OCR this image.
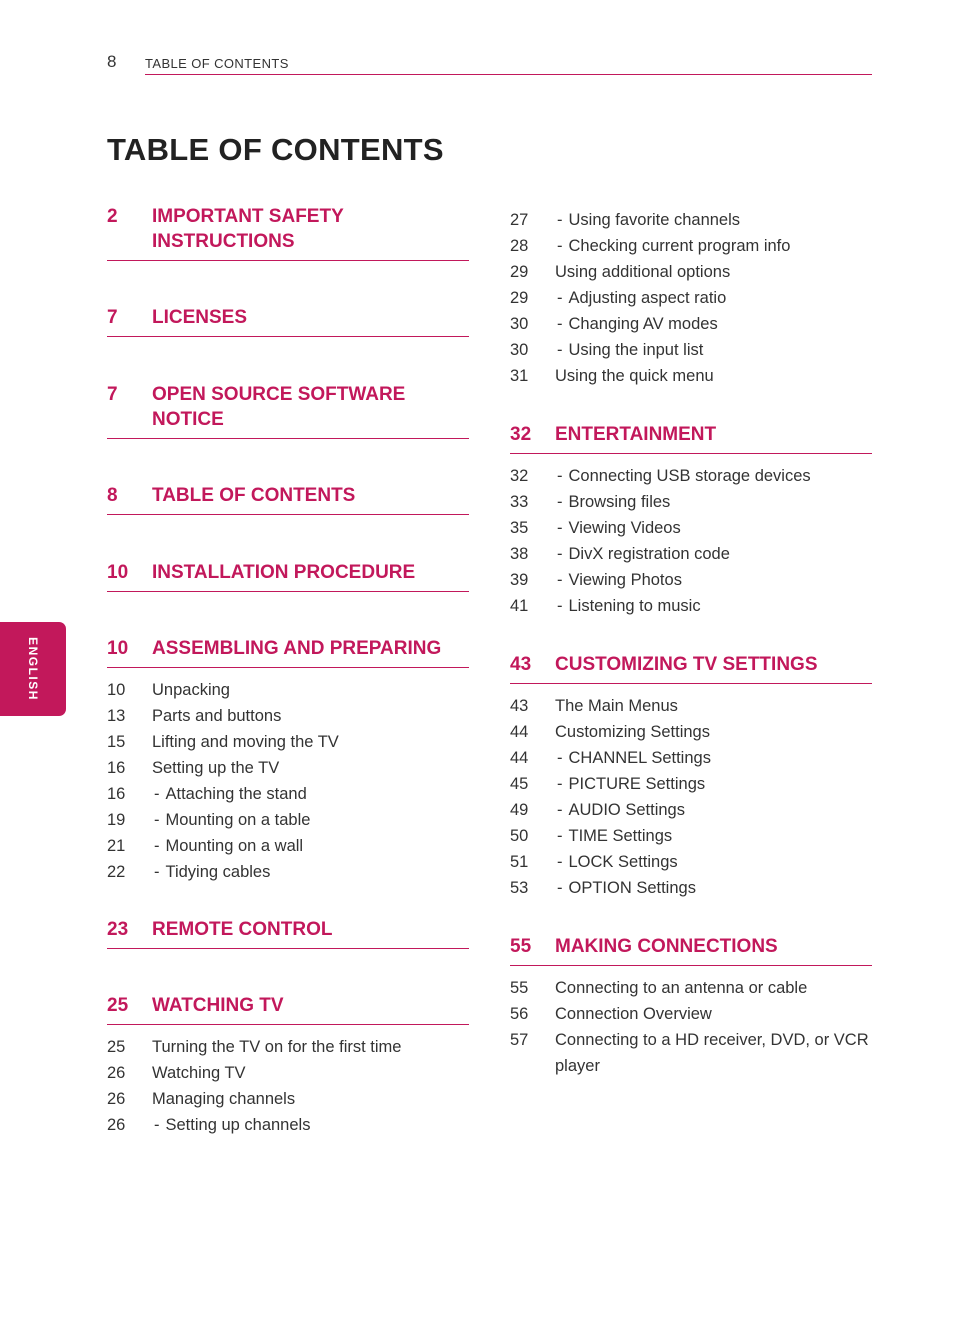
8 TABLE OF CONTENTS
TABLE OF CONTENTS
2	IMPORTANT SAFETY INSTRUCTIONS
7	LICENSES
7	OPEN SOURCE SOFTWARE NOTICE
8	TABLE OF CONTENTS
10	INSTALLATION PROCEDURE
10	ASSEMBLING AND PREPARING
10	Unpacking
13	Parts and buttons
15	Lifting and moving the TV
16	Setting up the TV
16	- Attaching the stand
19	- Mounting on a table
21	- Mounting on a wall
22	- Tidying cables
23	REMOTE CONTROL
25	WATCHING TV
25	Turning the TV on for the first time
26	Watching TV
26	Managing channels
26	- Setting up channels
27	- Using favorite channels
28	- Checking current program info
29	Using additional options
29	- Adjusting aspect ratio
30	- Changing AV modes
30	- Using the input list
31	Using the quick menu
32	ENTERTAINMENT
32	- Connecting USB storage devices
33	- Browsing files
35	- Viewing Videos
38	- DivX registration code
39	- Viewing Photos
41	- Listening to music
43	CUSTOMIZING TV SETTINGS
43	The Main Menus
44	Customizing Settings
44	- CHANNEL Settings
45	- PICTURE Settings
49	- AUDIO Settings
50	- TIME Settings
51	- LOCK Settings
53	- OPTION Settings
55	MAKING CONNECTIONS
55	Connecting to an antenna or cable
56	Connection Overview
57	Connecting to a HD receiver, DVD, or VCR player
ENGLISH
